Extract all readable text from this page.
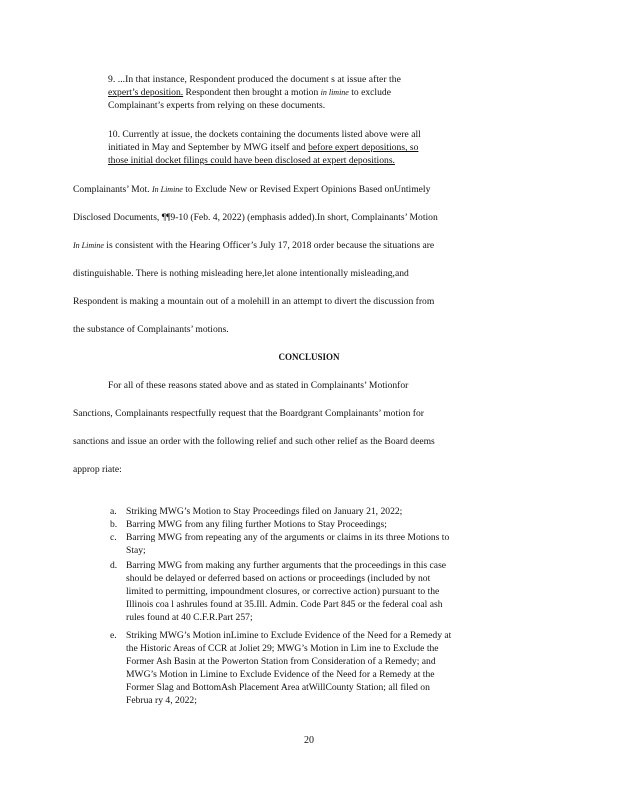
9. ...In that instance, Respondent produced the document s at issue after the
expert’s deposition. Respondent then brought a motion in limine to exclude
Complainant’s experts from relying on these documents.
10. Currently at issue, the dockets containing the documents listed above were all
initiated in May and September by MWG itself and before expert depositions, so
those initial docket filings could have been disclosed at expert depositions.
Complainants’ Mot. In Limine to Exclude New or Revised Expert Opinions Based onUntimely
Disclosed Documents, ¶¶9-10 (Feb. 4, 2022) (emphasis added).In short, Complainants’ Motion
In Limine is consistent with the Hearing Officer’s July 17, 2018 order because the situations are
distinguishable. There is nothing misleading here,let alone intentionally misleading,and
Respondent is making a mountain out of a molehill in an attempt to divert the discussion from
the substance of Complainants’ motions.
CONCLUSION
For all of these reasons stated above and as stated in Complainants’ Motionfor
Sanctions, Complainants respectfully request that the Boardgrant Complainants’ motion for
sanctions and issue an order with the following relief and such other relief as the Board deems
approp riate:
a. Striking MWG’s Motion to Stay Proceedings filed on January 21, 2022;
b. Barring MWG from any filing further Motions to Stay Proceedings;
c. Barring MWG from repeating any of the arguments or claims in its three Motions to
Stay;
d. Barring MWG from making any further arguments that the proceedings in this case
should be delayed or deferred based on actions or proceedings (included by not
limited to permitting, impoundment closures, or corrective action) pursuant to the
Illinois coa l ashrules found at 35.Ill. Admin. Code Part 845 or the federal coal ash
rules found at 40 C.F.R.Part 257;
e. Striking MWG’s Motion inLimine to Exclude Evidence of the Need for a Remedy at
the Historic Areas of CCR at Joliet 29; MWG’s Motion in Lim ine to Exclude the
Former Ash Basin at the Powerton Station from Consideration of a Remedy; and
MWG’s Motion in Limine to Exclude Evidence of the Need for a Remedy at the
Former Slag and BottomAsh Placement Area atWillCounty Station; all filed on
Februa ry 4, 2022;
20
